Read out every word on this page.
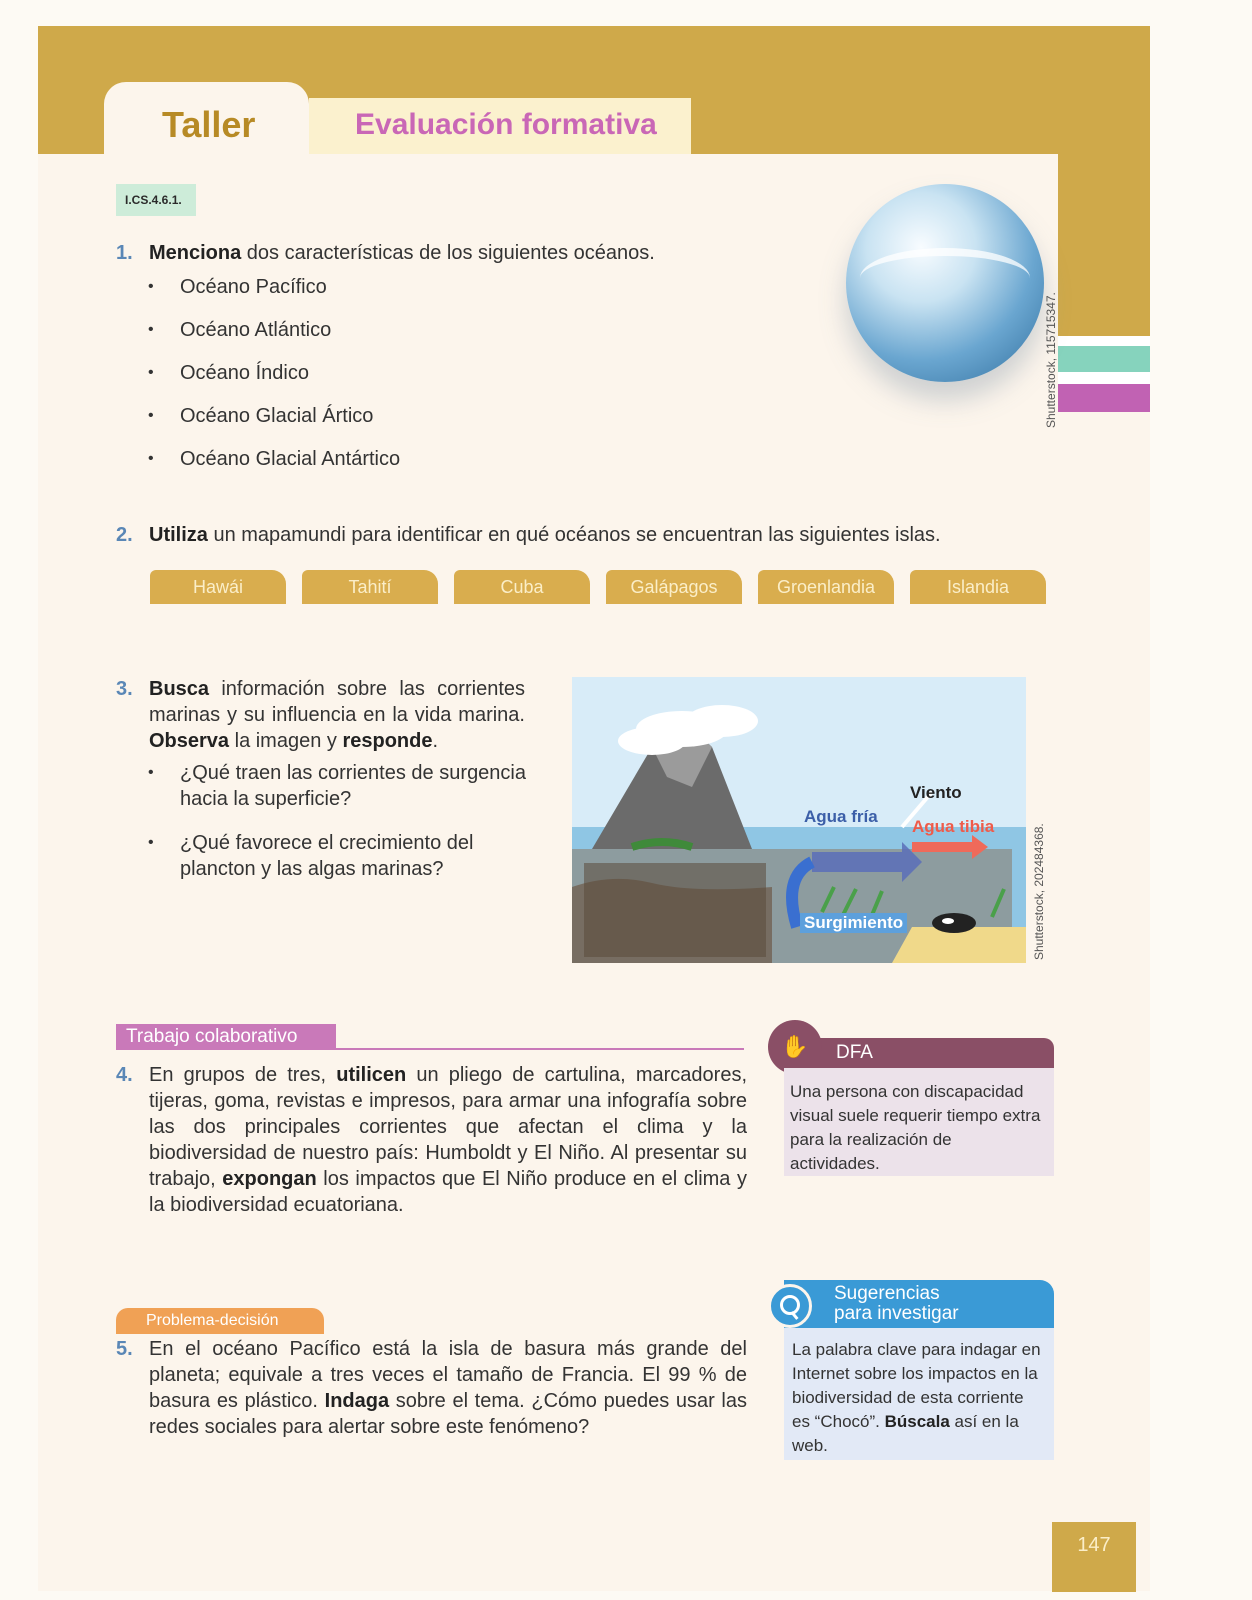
Taller	Evaluación formativa
I.CS.4.6.1.
1. Menciona dos características de los siguientes océanos.
Océano Pacífico
Océano Atlántico
Océano Índico
Océano Glacial Ártico
Océano Glacial Antártico
Shutterstock, 115715347.
2. Utiliza un mapamundi para identificar en qué océanos se encuentran las siguientes islas.
Hawái	Tahití	Cuba	Galápagos	Groenlandia	Islandia
3. Busca información sobre las corrientes marinas y su influencia en la vida marina. Observa la imagen y responde.
• ¿Qué traen las corrientes de surgencia hacia la superficie?
• ¿Qué favorece el crecimiento del plancton y las algas marinas?
Viento
Agua fría
Agua tibia
Surgimiento	Shutterstock, 202484368.
Trabajo colaborativo
4. En grupos de tres, utilicen un pliego de cartulina, marcadores, tijeras, goma, revistas e impresos, para armar una infografía sobre las dos principales corrientes que afectan el clima y la biodiversidad de nuestro país: Humboldt y El Niño. Al presentar su trabajo, expongan los impactos que El Niño produce en el clima y la biodiversidad ecuatoriana.
DFA
✋
Una persona con discapacidad visual suele requerir tiempo extra para la realización de actividades.
Sugerencias
para investigar
La palabra clave para indagar en Internet sobre los impactos en la biodiversidad de esta corriente es “Chocó”. Búscala así en la web.
Problema-decisión
5. En el océano Pacífico está la isla de basura más grande del planeta; equivale a tres veces el tamaño de Francia. El 99 % de basura es plástico. Indaga sobre el tema. ¿Cómo puedes usar las redes sociales para alertar sobre este fenómeno?
147
